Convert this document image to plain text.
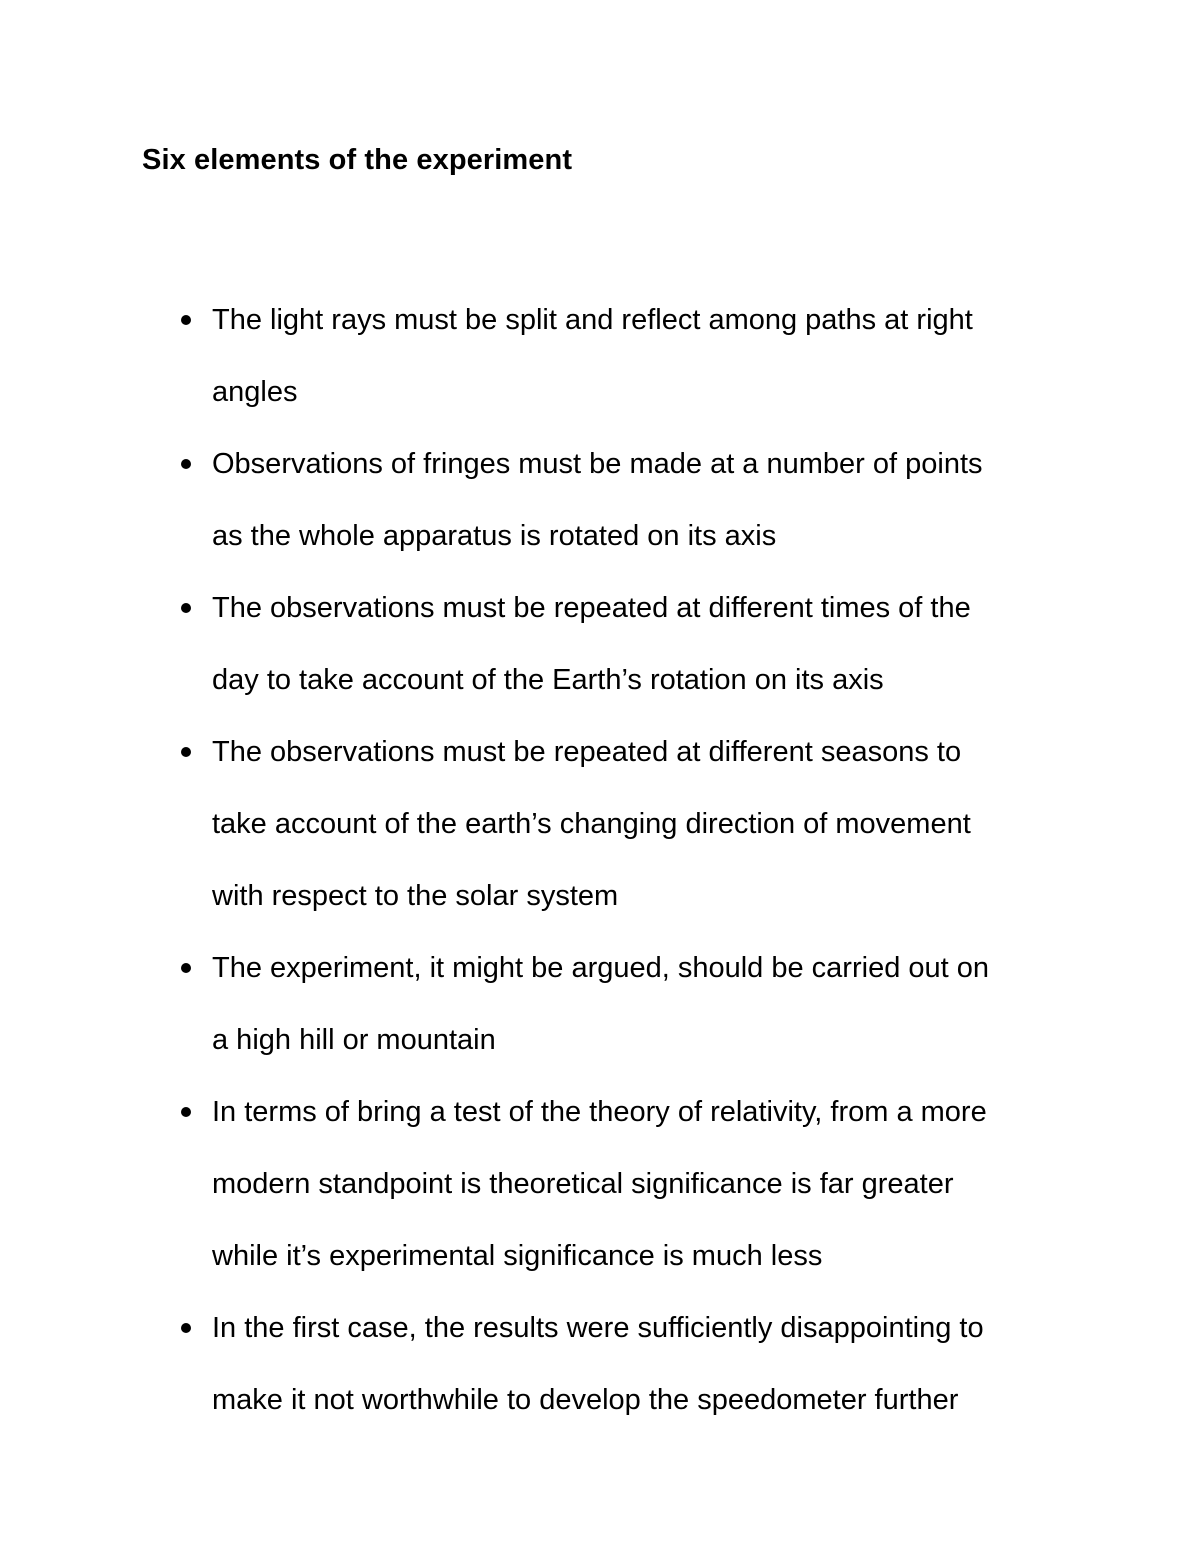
Six elements of the experiment
The light rays must be split and reflect among paths at right
angles
Observations of fringes must be made at a number of points
as the whole apparatus is rotated on its axis
The observations must be repeated at different times of the
day to take account of the Earth’s rotation on its axis
The observations must be repeated at different seasons to
take account of the earth’s changing direction of movement
with respect to the solar system
The experiment, it might be argued, should be carried out on
a high hill or mountain
In terms of bring a test of the theory of relativity, from a more
modern standpoint is theoretical significance is far greater
while it’s experimental significance is much less
In the first case, the results were sufficiently disappointing to
make it not worthwhile to develop the speedometer further
